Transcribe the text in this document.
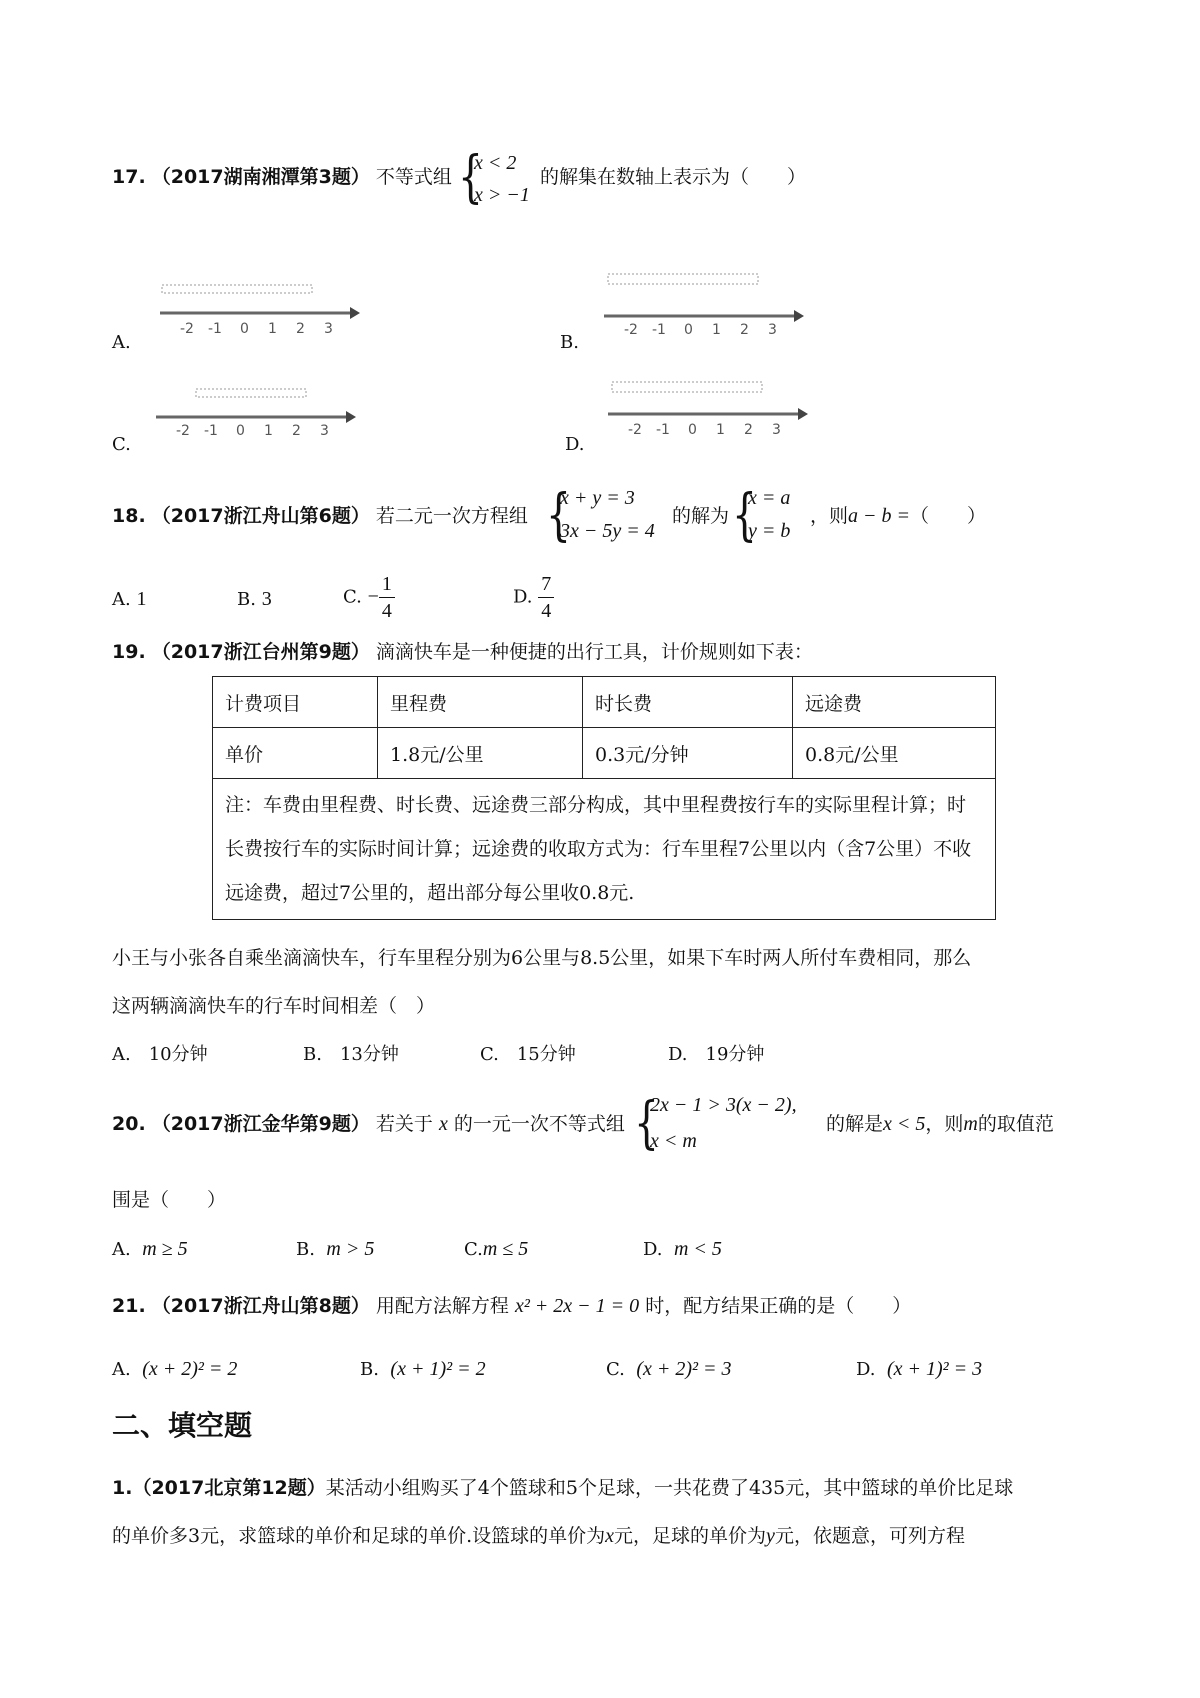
17. （2017湖南湘潭第3题） 不等式组 {
x < 2
x > −1
的解集在数轴上表示为（　　）
A.
-2 -1 0 1 2 3
B.
-2 -1 0 1 2 3
C.
-2 -1 0 1 2 3
D.
-2 -1 0 1 2 3
18. （2017浙江舟山第6题） 若二元一次方程组 {
x + y = 3
3x − 5y = 4
的解为 {
x = a
y = b
，则a − b =（　　）
A. 1	B. 3	C. − $\frac{1}{4}$	D. $\frac{7}{4}$
19. （2017浙江台州第9题） 滴滴快车是一种便捷的出行工具，计价规则如下表：
计费项目	里程费	时长费	远途费
单价	1.8元/公里	0.3元/分钟	0.8元/公里
注：车费由里程费、时长费、远途费三部分构成，其中里程费按行车的实际里程计算；时长费按行车的实际时间计算；远途费的收取方式为：行车里程7公里以内（含7公里）不收远途费，超过7公里的，超出部分每公里收0.8元.			
小王与小张各自乘坐滴滴快车，行车里程分别为6公里与8.5公里，如果下车时两人所付车费相同，那么
这两辆滴滴快车的行车时间相差（　）
A.　10分钟	B.　13分钟	C.　15分钟	D.　19分钟
20. （2017浙江金华第9题） 若关于 x 的一元一次不等式组 {
2x − 1 > 3(x − 2),
x < m
的解是x < 5，则m的取值范
围是（　　）
A. m ≥ 5	B. m > 5	C.m ≤ 5	D. m < 5
21. （2017浙江舟山第8题） 用配方法解方程 x² + 2x − 1 = 0 时，配方结果正确的是（　　）
A. (x + 2)² = 2	B. (x + 1)² = 2	C. (x + 2)² = 3	D. (x + 1)² = 3
二、填空题
1.（2017北京第12题）某活动小组购买了4个篮球和5个足球，一共花费了435元，其中篮球的单价比足球
的单价多3元，求篮球的单价和足球的单价.设篮球的单价为x元，足球的单价为y元，依题意，可列方程
